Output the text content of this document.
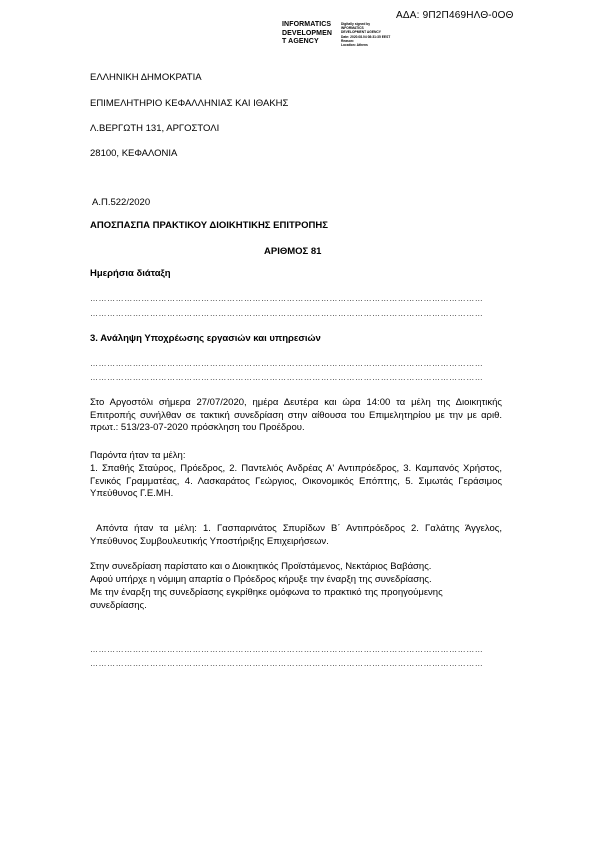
ΑΔΑ: 9Π2Π469ΗΛΘ-0ΟΘ
INFORMATICS
DEVELOPMEN
T AGENCY
Digitally signed by
INFORMATICS
DEVELOPMENT AGENCY
Date: 2020.08.04 08:31:35 EEST
Reason:
Location: Athens
ΕΛΛΗΝΙΚΗ ΔΗΜΟΚΡΑΤΙΑ
ΕΠΙΜΕΛΗΤΗΡΙΟ ΚΕΦΑΛΛΗΝΙΑΣ ΚΑΙ ΙΘΑΚΗΣ
Λ.ΒΕΡΓΩΤΗ 131, ΑΡΓΟΣΤΟΛΙ
28100, ΚΕΦΑΛΟΝΙΑ
Α.Π.522/2020
ΑΠΟΣΠΑΣΠΑ ΠΡΑΚΤΙΚΟΥ ΔΙΟΙΚΗΤΙΚΗΣ ΕΠΙΤΡΟΠΗΣ
ΑΡΙΘΜΟΣ 81
Ημερήσια διάταξη
…………………………………………………………………………………………………………………………
…………………………………………………………………………………………………………………………
3. Ανάληψη Υποχρέωσης εργασιών και υπηρεσιών
…………………………………………………………………………………………………………………………
…………………………………………………………………………………………………………………………
Στο Αργοστόλι σήμερα 27/07/2020, ημέρα Δευτέρα και ώρα 14:00 τα μέλη της Διοικητικής Επιτροπής συνήλθαν σε τακτική συνεδρίαση στην αίθουσα του Επιμελητηρίου με την με αριθ. πρωτ.: 513/23-07-2020 πρόσκληση του Προέδρου.
Παρόντα ήταν τα μέλη:
1. Σπαθής Σταύρος, Πρόεδρος, 2. Παντελιός Ανδρέας Α' Αντιπρόεδρος, 3. Καμπανός Χρήστος, Γενικός Γραμματέας, 4. Λασκαράτος Γεώργιος, Οικονομικός Επόπτης, 5. Σιμωτάς Γεράσιμος Υπεύθυνος Γ.Ε.ΜΗ.
Απόντα ήταν τα μέλη: 1. Γασπαρινάτος Σπυρίδων Β΄ Αντιπρόεδρος 2. Γαλάτης Άγγελος, Υπεύθυνος Συμβουλευτικής Υποστήριξης Επιχειρήσεων.
Στην συνεδρίαση παρίστατο και ο Διοικητικός Προϊστάμενος, Νεκτάριος Βαβάσης.
Αφού υπήρχε η νόμιμη απαρτία ο Πρόεδρος κήρυξε την έναρξη της συνεδρίασης.
Με την έναρξη της συνεδρίασης εγκρίθηκε ομόφωνα το πρακτικό της προηγούμενης
συνεδρίασης.
…………………………………………………………………………………………………………………………
…………………………………………………………………………………………………………………………
